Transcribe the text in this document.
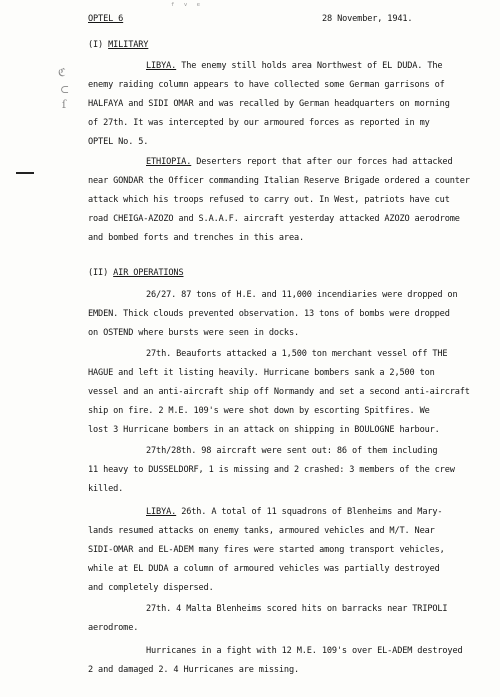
ᶠ ᵛ ᵉ
ℭ
⊂
ſ
OPTEL 6	28 November, 1941.
(I) MILITARY
LIBYA. The enemy still holds area Northwest of EL DUDA. The
enemy raiding column appears to have collected some German garrisons of
HALFAYA and SIDI OMAR and was recalled by German headquarters on morning
of 27th. It was intercepted by our armoured forces as reported in my
OPTEL No. 5.
ETHIOPIA. Deserters report that after our forces had attacked
near GONDAR the Officer commanding Italian Reserve Brigade ordered a counter
attack which his troops refused to carry out. In West, patriots have cut
road CHEIGA-AZOZO and S.A.A.F. aircraft yesterday attacked AZOZO aerodrome
and bombed forts and trenches in this area.
(II) AIR OPERATIONS
26/27. 87 tons of H.E. and 11,000 incendiaries were dropped on
EMDEN. Thick clouds prevented observation. 13 tons of bombs were dropped
on OSTEND where bursts were seen in docks.
27th. Beauforts attacked a 1,500 ton merchant vessel off THE
HAGUE and left it listing heavily. Hurricane bombers sank a 2,500 ton
vessel and an anti-aircraft ship off Normandy and set a second anti-aircraft
ship on fire. 2 M.E. 109's were shot down by escorting Spitfires. We
lost 3 Hurricane bombers in an attack on shipping in BOULOGNE harbour.
27th/28th. 98 aircraft were sent out: 86 of them including
11 heavy to DUSSELDORF, 1 is missing and 2 crashed: 3 members of the crew
killed.
LIBYA. 26th. A total of 11 squadrons of Blenheims and Mary-
lands resumed attacks on enemy tanks, armoured vehicles and M/T. Near
SIDI-OMAR and EL-ADEM many fires were started among transport vehicles,
while at EL DUDA a column of armoured vehicles was partially destroyed
and completely dispersed.
27th. 4 Malta Blenheims scored hits on barracks near TRIPOLI
aerodrome.
Hurricanes in a fight with 12 M.E. 109's over EL-ADEM destroyed
2 and damaged 2. 4 Hurricanes are missing.
